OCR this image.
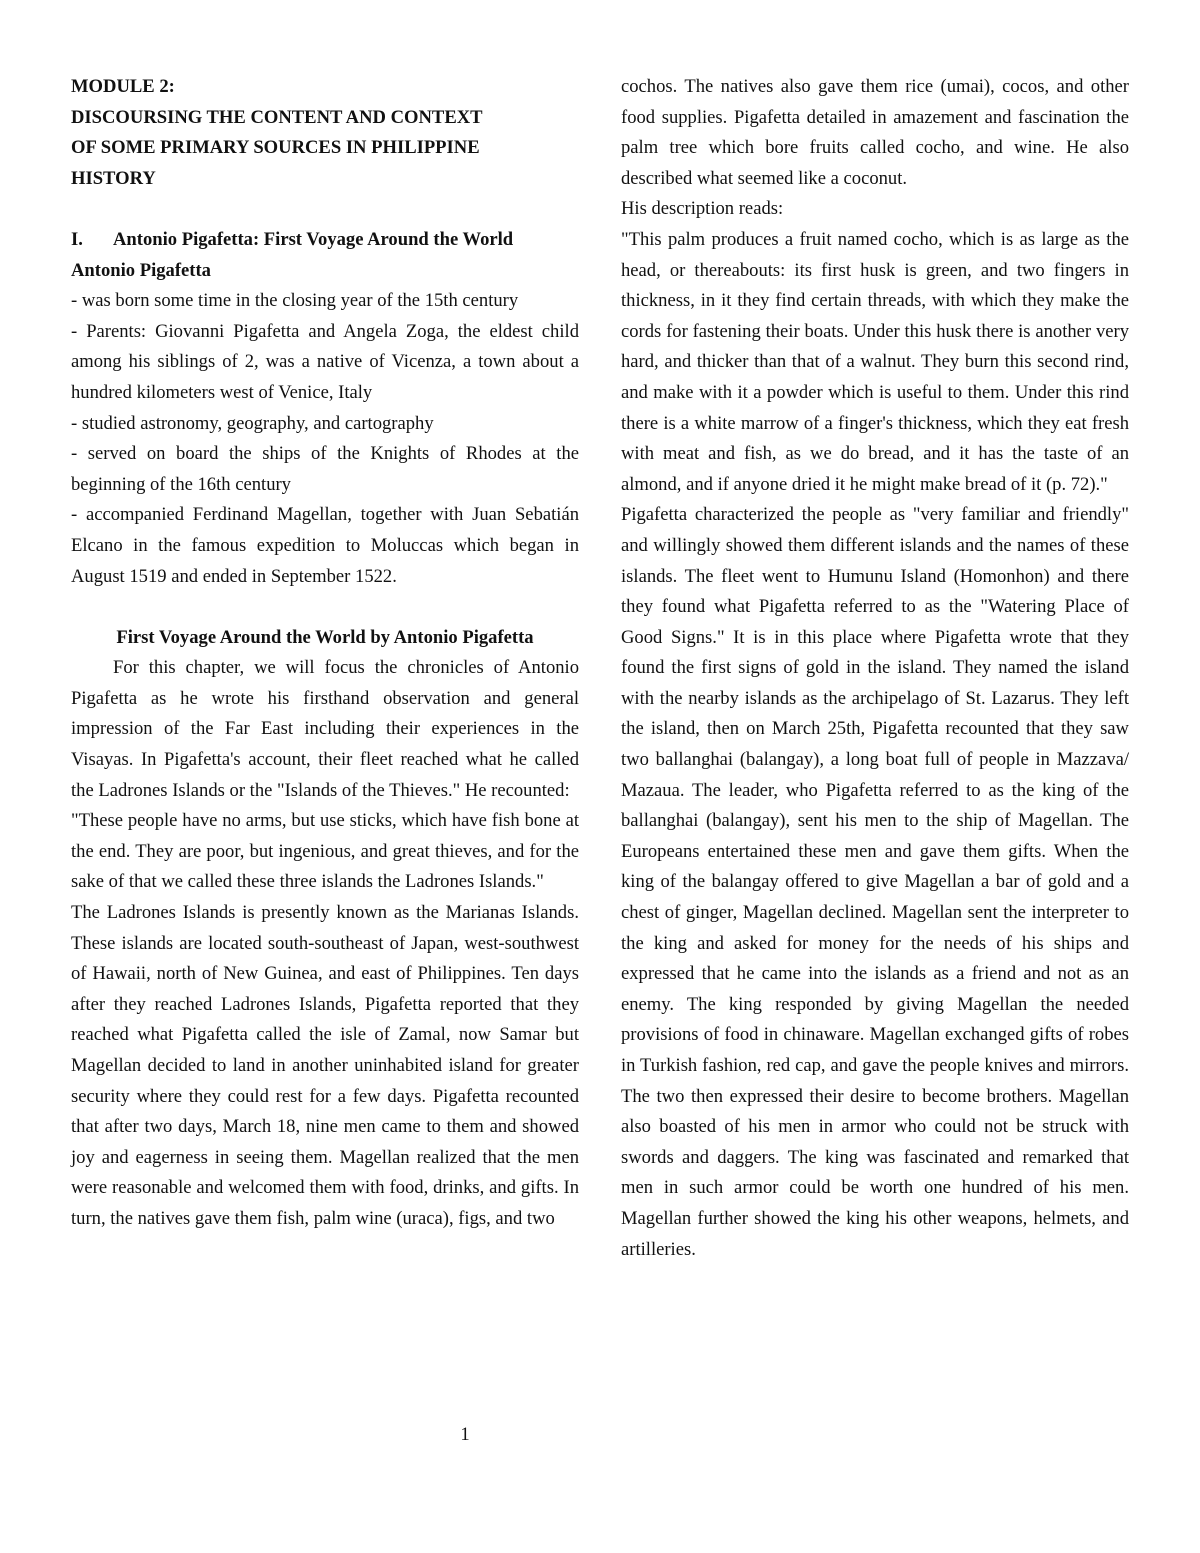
MODULE 2:
DISCOURSING THE CONTENT AND CONTEXT
OF SOME PRIMARY SOURCES IN PHILIPPINE
HISTORY

I. Antonio Pigafetta: First Voyage Around the World

Antonio Pigafetta

- was born some time in the closing year of the 15th century

- Parents: Giovanni Pigafetta and Angela Zoga, the eldest child among his siblings of 2, was a native of Vicenza, a town about a hundred kilometers west of Venice, Italy

- studied astronomy, geography, and cartography

- served on board the ships of the Knights of Rhodes at the beginning of the 16th century

- accompanied Ferdinand Magellan, together with Juan Sebatián Elcano in the famous expedition to Moluccas which began in August 1519 and ended in September 1522.

First Voyage Around the World by Antonio Pigafetta

For this chapter, we will focus the chronicles of Antonio Pigafetta as he wrote his firsthand observation and general impression of the Far East including their experiences in the Visayas. In Pigafetta's account, their fleet reached what he called the Ladrones Islands or the "Islands of the Thieves." He recounted:

"These people have no arms, but use sticks, which have fish bone at the end. They are poor, but ingenious, and great thieves, and for the sake of that we called these three islands the Ladrones Islands."

The Ladrones Islands is presently known as the Marianas Islands. These islands are located south-southeast of Japan, west-southwest of Hawaii, north of New Guinea, and east of Philippines. Ten days after they reached Ladrones Islands, Pigafetta reported that they reached what Pigafetta called the isle of Zamal, now Samar but Magellan decided to land in another uninhabited island for greater security where they could rest for a few days. Pigafetta recounted that after two days, March 18, nine men came to them and showed joy and eagerness in seeing them. Magellan realized that the men were reasonable and welcomed them with food, drinks, and gifts. In turn, the natives gave them fish, palm wine (uraca), figs, and two

cochos. The natives also gave them rice (umai), cocos, and other food supplies. Pigafetta detailed in amazement and fascination the palm tree which bore fruits called cocho, and wine. He also described what seemed like a coconut.

His description reads:

"This palm produces a fruit named cocho, which is as large as the head, or thereabouts: its first husk is green, and two fingers in thickness, in it they find certain threads, with which they make the cords for fastening their boats. Under this husk there is another very hard, and thicker than that of a walnut. They burn this second rind, and make with it a powder which is useful to them. Under this rind there is a white marrow of a finger's thickness, which they eat fresh with meat and fish, as we do bread, and it has the taste of an almond, and if anyone dried it he might make bread of it (p. 72)."

Pigafetta characterized the people as "very familiar and friendly" and willingly showed them different islands and the names of these islands. The fleet went to Humunu Island (Homonhon) and there they found what Pigafetta referred to as the "Watering Place of Good Signs." It is in this place where Pigafetta wrote that they found the first signs of gold in the island. They named the island with the nearby islands as the archipelago of St. Lazarus. They left the island, then on March 25th, Pigafetta recounted that they saw two ballanghai (balangay), a long boat full of people in Mazzava/ Mazaua. The leader, who Pigafetta referred to as the king of the ballanghai (balangay), sent his men to the ship of Magellan. The Europeans entertained these men and gave them gifts. When the king of the balangay offered to give Magellan a bar of gold and a chest of ginger, Magellan declined. Magellan sent the interpreter to the king and asked for money for the needs of his ships and expressed that he came into the islands as a friend and not as an enemy. The king responded by giving Magellan the needed provisions of food in chinaware. Magellan exchanged gifts of robes in Turkish fashion, red cap, and gave the people knives and mirrors. The two then expressed their desire to become brothers. Magellan also boasted of his men in armor who could not be struck with swords and daggers. The king was fascinated and remarked that men in such armor could be worth one hundred of his men. Magellan further showed the king his other weapons, helmets, and artilleries.

1
